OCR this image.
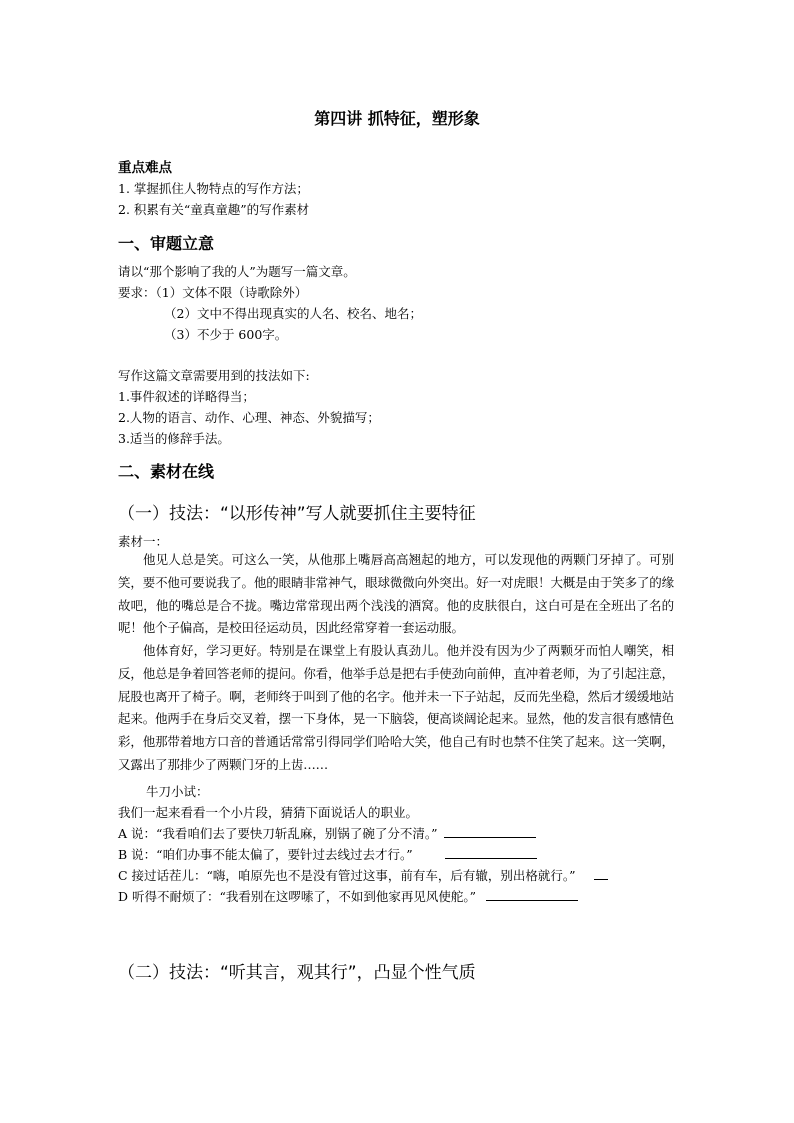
第四讲 抓特征，塑形象
重点难点
1. 掌握抓住人物特点的写作方法；
2. 积累有关“童真童趣”的写作素材
一、审题立意
请以“那个影响了我的人”为题写一篇文章。
要求：（1）文体不限（诗歌除外）
（2）文中不得出现真实的人名、校名、地名；
（3）不少于 600字。
写作这篇文章需要用到的技法如下:
1.事件叙述的详略得当；
2.人物的语言、动作、心理、神态、外貌描写；
3.适当的修辞手法。
二、素材在线
（一）技法：“以形传神”写人就要抓住主要特征
素材一：
他见人总是笑。可这么一笑，从他那上嘴唇高高翘起的地方，可以发现他的两颗门牙掉了。可别笑，要不他可要说我了。他的眼睛非常神气，眼球微微向外突出。好一对虎眼！大概是由于笑多了的缘故吧，他的嘴总是合不拢。嘴边常常现出两个浅浅的酒窝。他的皮肤很白，这白可是在全班出了名的呢！他个子偏高，是校田径运动员，因此经常穿着一套运动服。
他体育好，学习更好。特别是在课堂上有股认真劲儿。他并没有因为少了两颗牙而怕人嘲笑，相反，他总是争着回答老师的提问。你看，他举手总是把右手使劲向前伸，直冲着老师，为了引起注意，屁股也离开了椅子。啊，老师终于叫到了他的名字。他并未一下子站起，反而先坐稳，然后才缓缓地站起来。他两手在身后交叉着，摆一下身体，晃一下脑袋，便高谈阔论起来。显然，他的发言很有感情色彩，他那带着地方口音的普通话常常引得同学们哈哈大笑，他自己有时也禁不住笑了起来。这一笑啊，又露出了那排少了两颗门牙的上齿……
牛刀小试：
我们一起来看看一个小片段，猜猜下面说话人的职业。
A 说：“我看咱们去了要快刀斩乱麻，别锅了碗了分不清。”
B 说：“咱们办事不能太偏了，要针过去线过去才行。”
C 接过话茬儿：“嗨，咱原先也不是没有管过这事，前有车，后有辙，别出格就行。”
D 听得不耐烦了：“我看别在这啰嗦了，不如到他家再见风使舵。”
（二）技法：“听其言，观其行”，凸显个性气质
